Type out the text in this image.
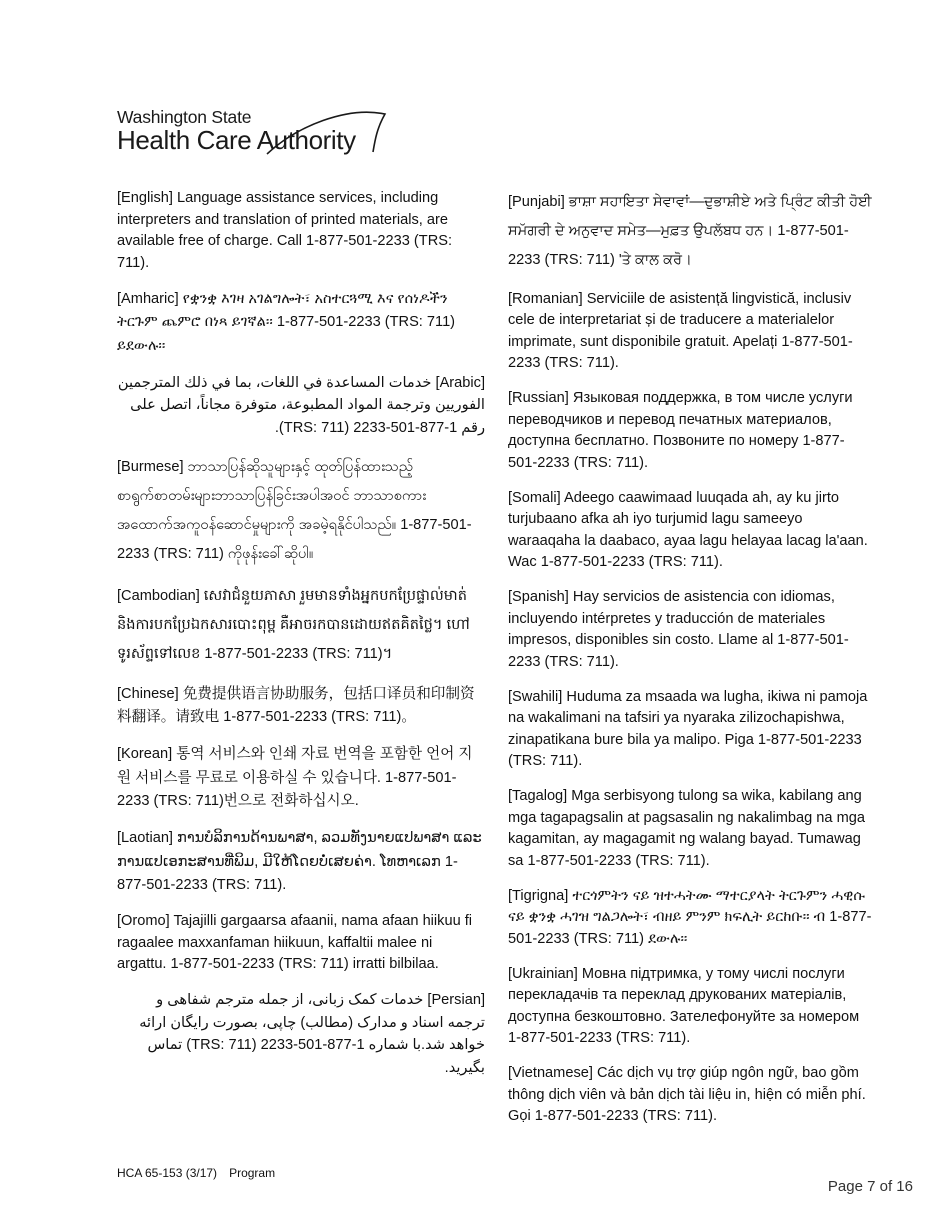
Washington State
Health Care Authority

[English] Language assistance services, including interpreters and translation of printed materials, are available free of charge. Call 1-877-501-2233 (TRS: 711).

[Amharic] የቋንቋ እገዛ አገልግሎት፣ አስተርጓሚ እና የሰነዶችን ትርጉም ጨምሮ በነጻ ይገኛል፡፡ 1-877-501-2233 (TRS: 711) ይደውሉ፡፡

[Arabic] خدمات المساعدة في اللغات، بما في ذلك المترجمين الفوريين وترجمة المواد المطبوعة، متوفرة مجاناً، اتصل على رقم 1-877-501-2233 (TRS: 711).

[Burmese] ဘာသာပြန်ဆိုသူများနှင့် ထုတ်ပြန်ထားသည့် စာရွက်စာတမ်းများဘာသာပြန်ခြင်းအပါအဝင် ဘာသာစကားအထောက်အကူဝန်ဆောင်မှုများကို အခမဲ့ရနိုင်ပါသည်။ 1-877-501-2233 (TRS: 711) ကိုဖုန်းခေါ်ဆိုပါ။

[Cambodian] សេវាជំនួយភាសា រួមមានទាំងអ្នកបកប្រែផ្ទាល់មាត់ និងការបកប្រែឯកសារបោះពុម្ព គឺអាចរកបានដោយឥតគិតថ្លៃ។ ហៅទូរស័ព្ទទៅលេខ 1-877-501-2233 (TRS: 711)។

[Chinese] 免费提供语言协助服务，包括口译员和印制资料翻译。请致电 1-877-501-2233 (TRS: 711)。

[Korean] 통역 서비스와 인쇄 자료 번역을 포함한 언어 지원 서비스를 무료로 이용하실 수 있습니다. 1-877-501-2233 (TRS: 711)번으로 전화하십시오.

[Laotian] ການບໍລິການດ້ານພາສາ, ລວມທັງນາຍແປພາສາ ແລະ ການແປເອກະສານທີ່ພິມ, ມີໃຫ້ໂດຍບໍ່ເສຍຄ່າ. ໂທຫາເລກ 1-877-501-2233 (TRS: 711).

[Oromo] Tajajilli gargaarsa afaanii, nama afaan hiikuu fi ragaalee maxxanfaman hiikuun, kaffaltii malee ni argattu. 1-877-501-2233 (TRS: 711) irratti bilbilaa.

[Persian] خدمات کمک زبانی، از جمله مترجم شفاهی و ترجمه اسناد و مدارک (مطالب) چاپی، بصورت رایگان ارائه خواهد شد.با شماره 1-877-501-2233 (TRS: 711) تماس بگیرید.

[Punjabi] ਭਾਸ਼ਾ ਸਹਾਇਤਾ ਸੇਵਾਵਾਂ—ਦੁਭਾਸ਼ੀਏ ਅਤੇ ਪ੍ਰਿੰਟ ਕੀਤੀ ਹੋਈ ਸਮੱਗਰੀ ਦੇ ਅਨੁਵਾਦ ਸਮੇਤ—ਮੁਫ਼ਤ ਉਪਲੱਬਧ ਹਨ। 1-877-501-2233 (TRS: 711) 'ਤੇ ਕਾਲ ਕਰੋ।

[Romanian] Serviciile de asistență lingvistică, inclusiv cele de interpretariat și de traducere a materialelor imprimate, sunt disponibile gratuit. Apelați 1-877-501-2233 (TRS: 711).

[Russian] Языковая поддержка, в том числе услуги переводчиков и перевод печатных материалов, доступна бесплатно. Позвоните по номеру 1-877-501-2233 (TRS: 711).

[Somali] Adeego caawimaad luuqada ah, ay ku jirto turjubaano afka ah iyo turjumid lagu sameeyo waraaqaha la daabaco, ayaa lagu helayaa lacag la'aan. Wac 1-877-501-2233 (TRS: 711).

[Spanish] Hay servicios de asistencia con idiomas, incluyendo intérpretes y traducción de materiales impresos, disponibles sin costo. Llame al 1-877-501-2233 (TRS: 711).

[Swahili] Huduma za msaada wa lugha, ikiwa ni pamoja na wakalimani na tafsiri ya nyaraka zilizochapishwa, zinapatikana bure bila ya malipo. Piga 1-877-501-2233 (TRS: 711).

[Tagalog] Mga serbisyong tulong sa wika, kabilang ang mga tagapagsalin at pagsasalin ng nakalimbag na mga kagamitan, ay magagamit ng walang bayad. Tumawag sa 1-877-501-2233 (TRS: 711).

[Tigrigna] ተርጎምትን ናይ ዝተሓትሙ ማተርያላት ትርጉምን ሓዊሱ ናይ ቋንቋ ሓገዝ ግልጋሎት፣ ብዘይ ምንም ክፍሊት ይርከቡ፡፡ ብ 1-877-501-2233 (TRS: 711) ደውሉ፡፡

[Ukrainian] Мовна підтримка, у тому числі послуги перекладачів та переклад друкованих матеріалів, доступна безкоштовно. Зателефонуйте за номером 1-877-501-2233 (TRS: 711).

[Vietnamese] Các dịch vụ trợ giúp ngôn ngữ, bao gồm thông dịch viên và bản dịch tài liệu in, hiện có miễn phí. Gọi 1-877-501-2233 (TRS: 711).

HCA 65-153 (3/17) Program
Page 7 of 16
